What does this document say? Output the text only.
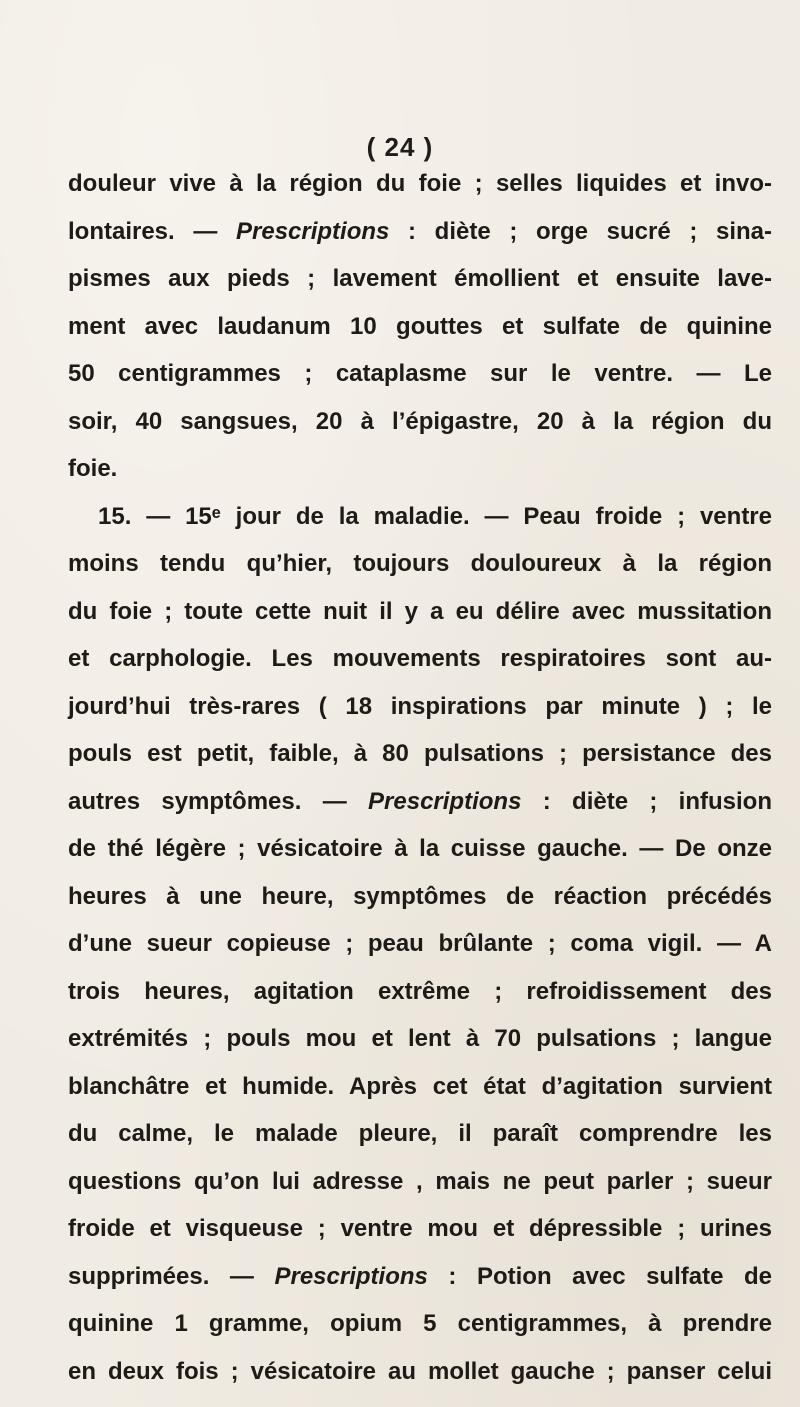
( 24 )
douleur vive à la région du foie ; selles liquides et invo-
lontaires. — Prescriptions : diète ; orge sucré ; sina-
pismes aux pieds ; lavement émollient et ensuite lave-
ment avec laudanum 10 gouttes et sulfate de quinine
50 centigrammes ; cataplasme sur le ventre. — Le
soir, 40 sangsues, 20 à l’épigastre, 20 à la région du
foie.
15. — 15ᵉ jour de la maladie. — Peau froide ; ventre
moins tendu qu’hier, toujours douloureux à la région
du foie ; toute cette nuit il y a eu délire avec mussitation
et carphologie. Les mouvements respiratoires sont au-
jourd’hui très-rares ( 18 inspirations par minute ) ; le
pouls est petit, faible, à 80 pulsations ; persistance des
autres symptômes. — Prescriptions : diète ; infusion
de thé légère ; vésicatoire à la cuisse gauche. — De onze
heures à une heure, symptômes de réaction précédés
d’une sueur copieuse ; peau brûlante ; coma vigil. — A
trois heures, agitation extrême ; refroidissement des
extrémités ; pouls mou et lent à 70 pulsations ; langue
blanchâtre et humide. Après cet état d’agitation survient
du calme, le malade pleure, il paraît comprendre les
questions qu’on lui adresse , mais ne peut parler ; sueur
froide et visqueuse ; ventre mou et dépressible ; urines
supprimées. — Prescriptions : Potion avec sulfate de
quinine 1 gramme, opium 5 centigrammes, à prendre
en deux fois ; vésicatoire au mollet gauche ; panser celui
